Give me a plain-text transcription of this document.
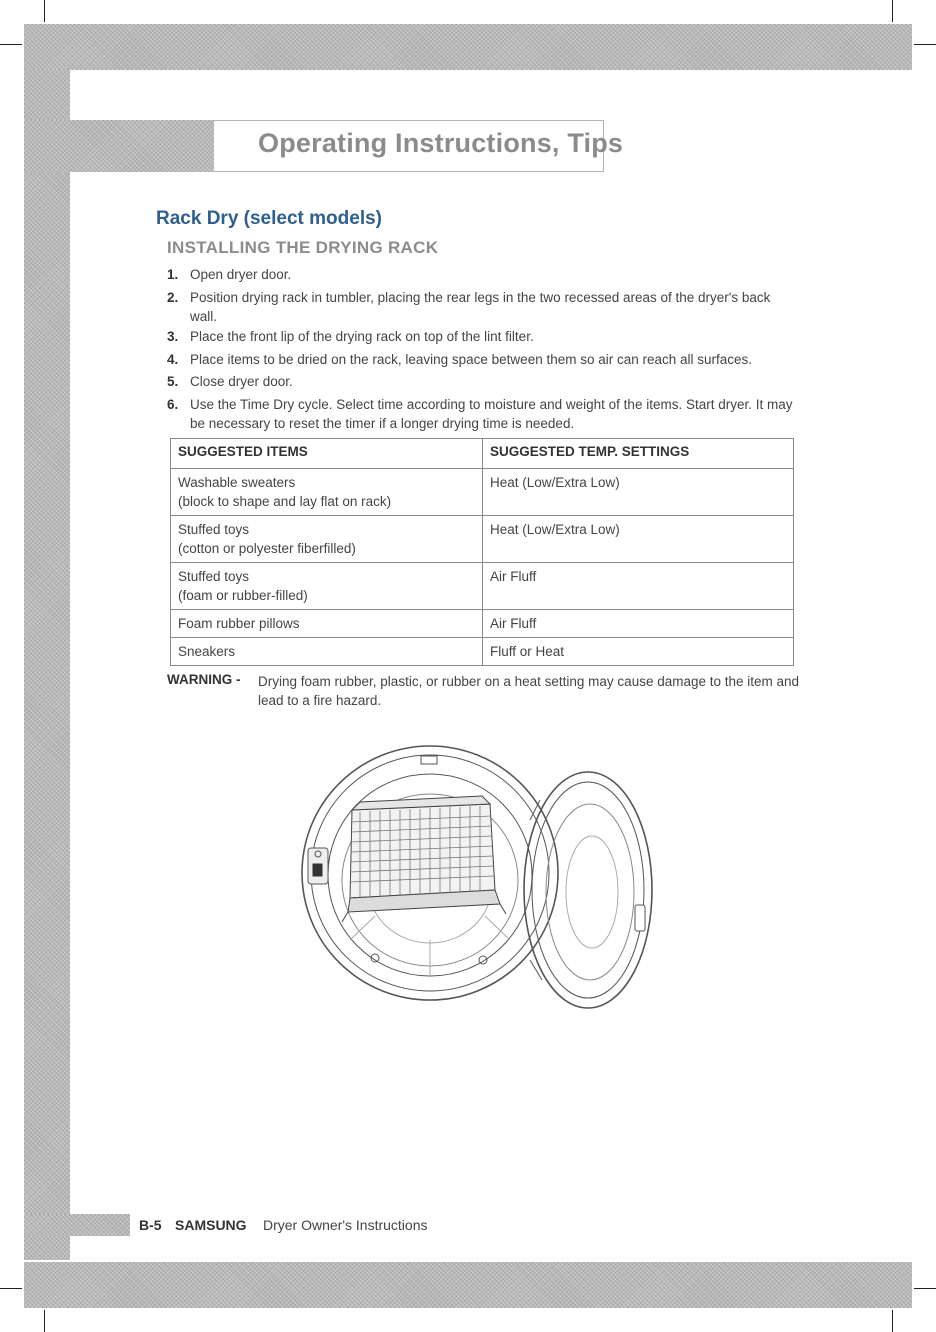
Operating Instructions, Tips
Rack Dry (select models)
INSTALLING THE DRYING RACK
1. Open dryer door.
2. Position drying rack in tumbler, placing the rear legs in the two recessed areas of the dryer's back wall.
3. Place the front lip of the drying rack on top of the lint filter.
4. Place items to be dried on the rack, leaving space between them so air can reach all surfaces.
5. Close dryer door.
6. Use the Time Dry cycle. Select time according to moisture and weight of the items. Start dryer. It may be necessary to reset the timer if a longer drying time is needed.
SUGGESTED ITEMS	SUGGESTED TEMP. SETTINGS

Washable sweaters
(block to shape and lay flat on rack)	Heat (Low/Extra Low)

Stuffed toys
(cotton or polyester fiberfilled)	Heat (Low/Extra Low)

Stuffed toys
(foam or rubber-filled)	Air Fluff

Foam rubber pillows	Air Fluff

Sneakers	Fluff or Heat
WARNING - Drying foam rubber, plastic, or rubber on a heat setting may cause damage to the item and lead to a fire hazard.
B-5 SAMSUNG Dryer Owner's Instructions
